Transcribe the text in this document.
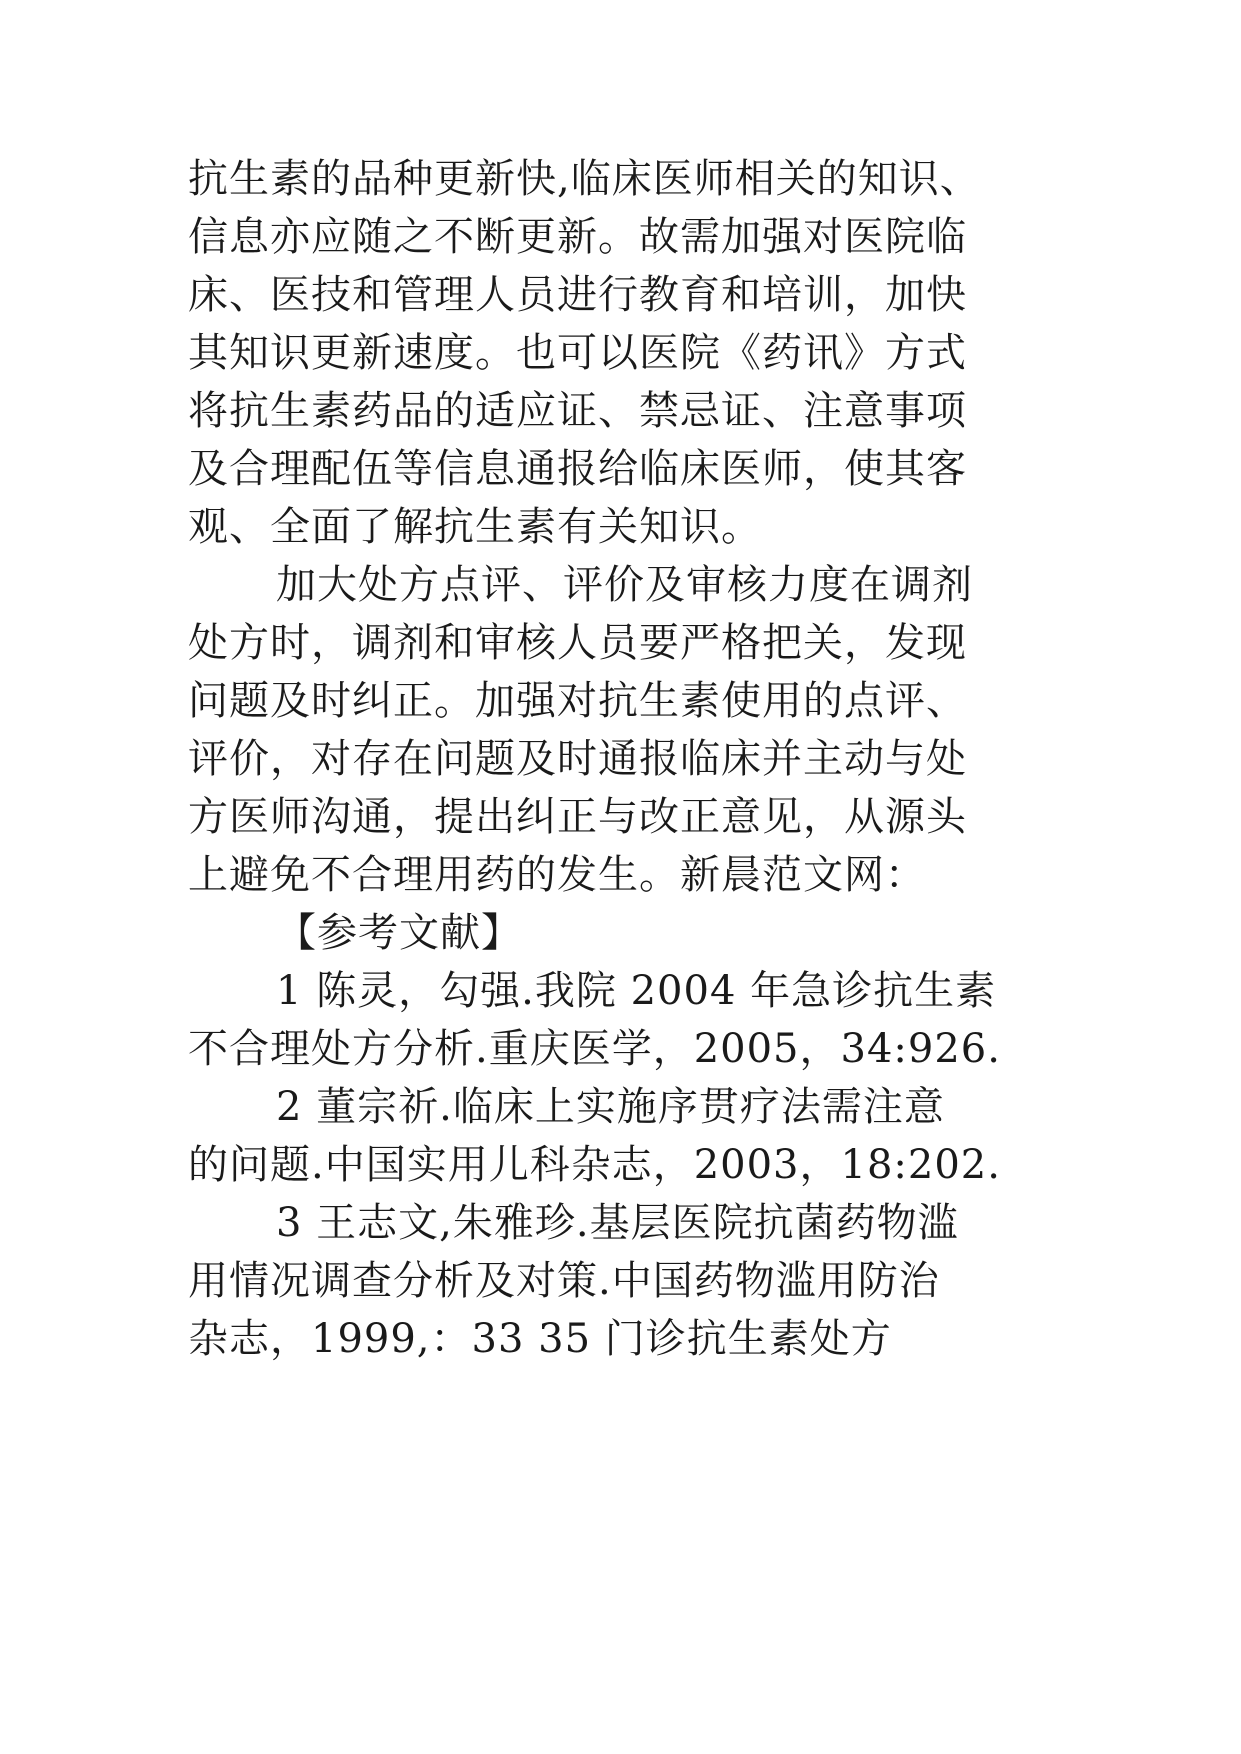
抗生素的品种更新快,临床医师相关的知识、
信息亦应随之不断更新。故需加强对医院临
床、医技和管理人员进行教育和培训，加快
其知识更新速度。也可以医院《药讯》方式
将抗生素药品的适应证、禁忌证、注意事项
及合理配伍等信息通报给临床医师，使其客
观、全面了解抗生素有关知识。
加大处方点评、评价及审核力度在调剂
处方时，调剂和审核人员要严格把关，发现
问题及时纠正。加强对抗生素使用的点评、
评价，对存在问题及时通报临床并主动与处
方医师沟通，提出纠正与改正意见，从源头
上避免不合理用药的发生。新晨范文网：
【参考文献】
1 陈灵，勾强.我院 2004 年急诊抗生素
不合理处方分析.重庆医学，2005，34:926.
2 董宗祈.临床上实施序贯疗法需注意
的问题.中国实用儿科杂志，2003，18:202.
3 王志文,朱雅珍.基层医院抗菌药物滥
用情况调查分析及对策.中国药物滥用防治
杂志，1999,：33 35 门诊抗生素处方
